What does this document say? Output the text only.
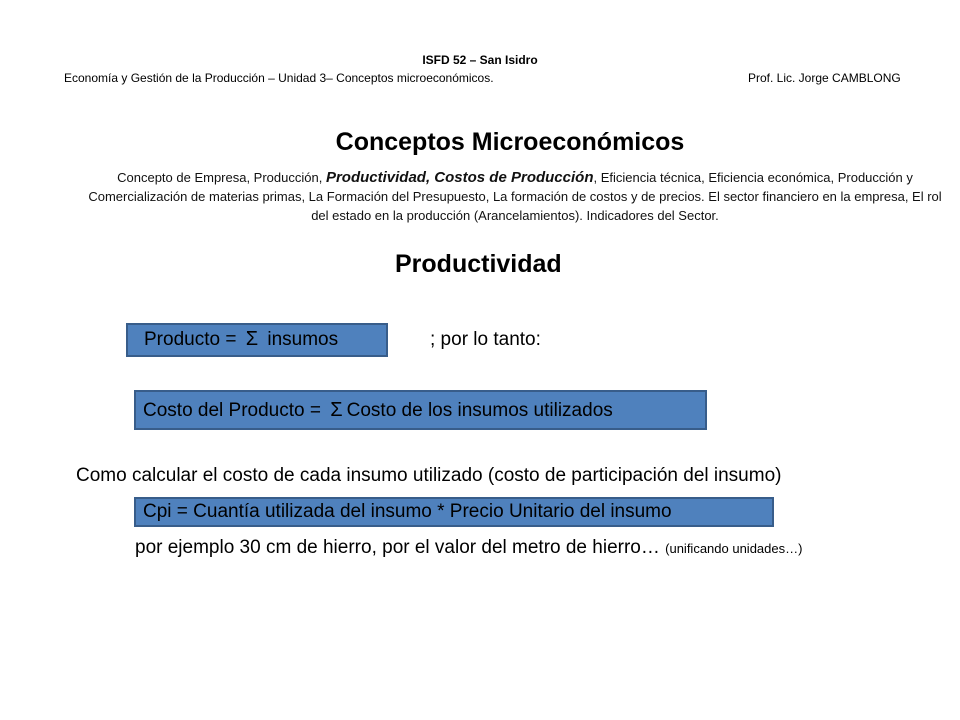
ISFD 52 – San Isidro
Economía y Gestión de la Producción – Unidad 3– Conceptos microeconómicos.	Prof. Lic. Jorge CAMBLONG
Conceptos Microeconómicos
Concepto de Empresa, Producción, Productividad, Costos de Producción, Eficiencia técnica, Eficiencia económica, Producción y Comercialización de materias primas, La Formación del Presupuesto, La formación de costos y de precios. El sector financiero en la empresa, El rol del estado en la producción (Arancelamientos). Indicadores del Sector.
Productividad
Producto = Σ insumos	; por lo tanto:
Costo del Producto = Σ Costo de los insumos utilizados
Como calcular el costo de cada insumo utilizado (costo de participación del insumo)
Cpi = Cuantía utilizada del insumo * Precio Unitario del insumo
por ejemplo 30 cm de hierro, por el valor del metro de hierro… (unificando unidades…)
